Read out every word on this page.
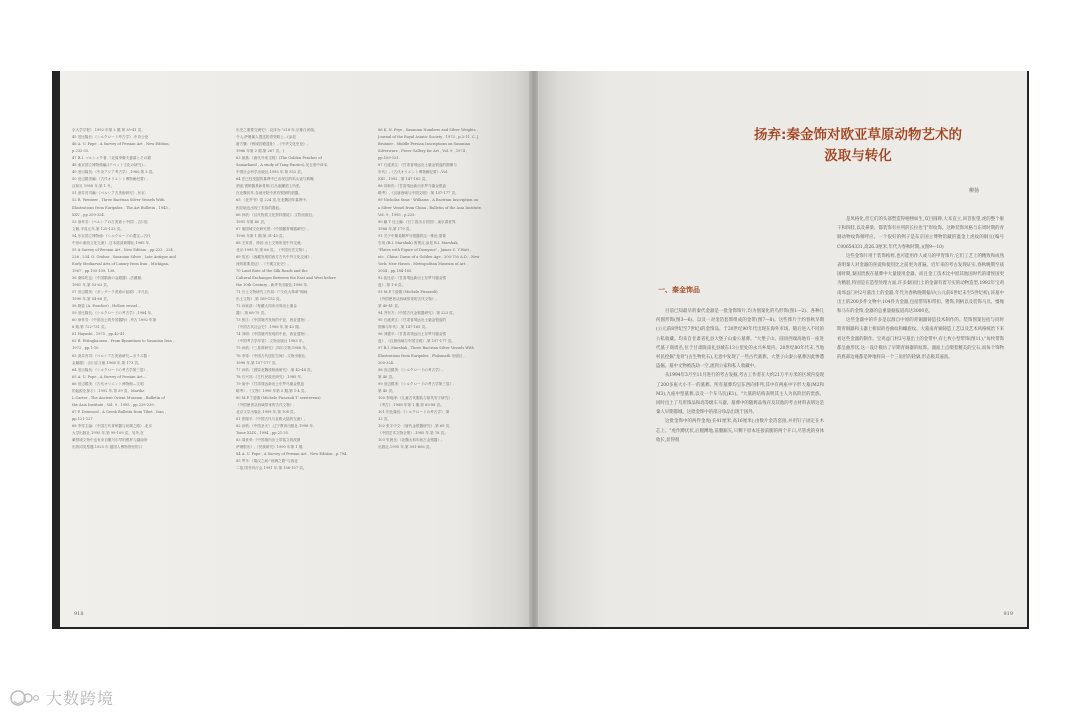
京大学学报》,1992 年第 2 期,第 35-41 页。

45 旧比隆长:《シルクロード考古学》,中央公论

46 A. U. Pope , A Survey of Persian Art , New Edition,

p.232-33.

47 B.I. マルシャク著,《北周李賢夫妻墓とその銀

48 東京国立博物館編,(テペット文化の研究)...

49 旧出隆長:《中央アジア考古学》,1980,第 3 卷。

50 田辺勝美編:《古代オリエント博物館紀要》,

汉和旦 1988 年,第 1 号。

51 深井晋司編:《ペルシア古美術研究》,东京:

52 R. Wenteer , Three Bactrian Silver Vessels With

Illustrations from Euripides , The Art Bulletin , 1943 ,

XXV , pp.209-324.

53 徐苹芳:《ペルシアの古美術と中国》,吉川弘

文館,平成元年,第 125-133 页。

54 东京国立博物館:《シルクロードの遺宝—古代

中世の東西文化交流》,日本経済新聞社,1985 年,

55 A Survey of Persian Art , New Edition , pp.223 , 224 ,

226 , 234. O. Grabar , Sasanian Silver , Late Antique and

Early Mediaeval Arts of Luxury from Iran , Michigan,

1967 , pp.105-109, 138.

56 桑原吃也:《中国隋唐の金銀器》,法藏館,

1981 年,第 53-63 页。

57 田辺勝美:《ガンダーラ美術の起源》,平凡社,

1990 年,第 54-68 页。

58 勒雷 (A. Foucher) , Hollow vessel...

59 旧比隆長:《シルクロードの考古学》,1984 年,

60 徐苹芳:《中国出土的外国器物》,考古 1992 年第

8 期,第 722-731 页。

61 Hayashi , 1975 , pp.40-41.

62 R. Ettinghausen , From Byzantium to Sasanian Iran ,

1972 , pp.1-10.

63 深井晋司:《ペルシア古美術研究—ガラス器・

金属器》,吉川弘文館,1968 年,第 173 页。

64 旧出隆長:《シルクロードの考古学第三卷》,

65 A. U. Pope , A Survey of Persian Art...

66 田辺勝美:《古代オリエント博物館—文明

的起源を探る》,1992 年,第 39 页。Marthe

L.Carter , The Ancient Orient Museum , Bulletin of

the Asia Institute , Vol. 9 , 1995 , pp.229-239.

67 P. Denwood , A Greek Bulletin from Tibet , Iran ,

pp.121-127.

68 李零主编:《中国古代青铜器与丝绸之路》,北京

大学出版社,1995 年,第 99-109 页。另外,在

紫禁城文物中也有来自撒马尔罕的银杯与越南所

出的同类型器,1925 年,德国人博物馆里的口

出史之重要交流史》,汉泽为:"218 年,京都白河瑞。

令人,萨珊属人提送的青瓷路上...(参见

唐方鑒:《两城宫殿遗址》,《中华文化史论》,

1986 年第 2 期,第 267 页。)

63 薛燕:《唐代外来文明》(The Golden Peaches of

Samarkand , A study of Tang Exotics),吴玉贵中译本,

中国社会科学出版社,1995 年,第 552 页。

64 在已经发掘的墓葬中已出现过的鸡头壶与鹤嘴

酒壶,银制器具和骨制,石丛瓯罐酒上所见,

在北魏初年,各地寺院中常有银制的酒器。

65 《北齐书》卷 224 页,在北魏初年墓葬中,

相应地也出现了类似的器皿。

66 孙机:《汉代物质文化资料图说》,文物出版社,

1991 年第 40 页。

67 巢国城文化研究馆:《中国藏青铜器研究》,

1990 年第 1 期,第 31-45 页。

68 王家善、徐菩:出土文物所见中外交流,

北京:1995 年,第 86 页。《中国历史文物》。

69 故宫:《西藏发现的西方古代中外文化交流》,

流的重要见证》,《于阗文化史》。

70 Land Rute of the Silk Roads and the

Cultural Exchanges Between the East and West before

the 10th Century , 新华书出版社,1996 年,

71 日土文物研究工作局:《"文化大革命"期间

出土文物》,第 169-152 页。

72 孙家淳:《粤藏大同市市郊出土鎏金

器》,第 68-75 页。

73 张江:《中国境内发现的中亚、西亚遗物》,

《中国古代社会史》,1986 年,第 43 期。

74 刘明:《中国境内发现的中亚、西亚遗物》,

《中国考古学年鉴》,文物出版社 1985 年。

75 孙机:《三星堆研究》,四川文物,1988 年。

76 李零:《中国古代居住空间》,文物出版社,

1998 年,第 157-177 页。

77 孙机:《固原北魏漆棺画研究》,第 42-44 页。

78 石兴邦:《古代民族史研究》,1985 年,

79 巢寺:《甘肃靖远新出土东罗马鎏金银盘

略考》,《文物》1990 年第 5 期,第 1-4 页。

80 M.P.卞爱娜 (Michele Pirazzoli T' serstevens)

《外国使者从西域带来的古代文物》,

北京文学出版社,1999 年,第 108 页。

81 张瑞平,《中国古代与亚欧大陆的交流》,

82 孙机:《中国圣火》,辽宁教育出版社,1996 年,

Tome XLIX , 1994 , pp.21-35.

83 周世荣:《中国境内出土带铭文的波斯

萨珊银币》,《民族研究》1990 年第 1 期,

84 A. U. Pope , A Survey of Persian Art , New Edition , p.794.

85 罗丰:《胡汉之间:"丝绸之路"与西北

二卷,国书刊行会,1991 年,第 156-157 页。

86 K. N. Frye , Sasanian Numbers and Silver Weights ,

Journal of the Royal Asiatic Society , 1973 , p.2-11. C. J.

Brunner , Middle Persian Inscriptions on Sasanian

Silverware , Freer Gallery for Art , Vol. 9 , 1974 ,

pp.109-121.

87 石渡美江:《甘肃省靖远出土鎏金银盘的图像与

年代》,《古代オリエント博物館紀要》,Vol.

XIII , 1992 , 第 147-165 页。

88 初师宾:《甘肃靖远新出东罗马鎏金银盘

略考》,《汉唐西域与中国文明》,第 157-177 页。

89 Nicholas Sims - Williams , A Bactrian Inscription on

a Silver Vessel from China , Bulletin of the Asia Institute,

Vol. 9 , 1995 , p.225.

90 藤 T 比土編:《日丁語出る回国》,東京書世界,

1988 年,第 179 页。

91 关于中期希腊罗马银器的这一推论,需要

引用 (B.I. Marshak) 的观点,参见 B.I. Marshak,

"Plates with Figure of Dionysus" , James C. Y.Watt ,

etc , China: Dawn of a Golden Age , 200-750 A.D. , New

York: New Haven , Metropolitan Museum of Art ,

2004 , pp.184-185.

92 拓比乐:《甘肃靖远新出土东罗马鎏金银

盘》,第 1-6 页。

93 M.P.卞爱娜 (Michele Pirazzoli)

《外国使者从西域带来的古代文物》,

第 40-41 页。

94 齐东方:《中国古代金银器研究》,第 223 页。

95 石渡美江:《甘肃省靖远出土鎏金银盘的

图像与年代》,第 147-165 页。

96 刘德平:《甘肃省靖远出土东罗马鎏金银

盘》,《汉唐西域与中国文明》,第 157-177 页。

97 B.I. Marshak , Three Bactrian Silver Vessels With

Illustrations from Euripides , Philomath 出版社 ,

200-324.

98 田辺勝美:《シルクロードの考古学》,

第 40 页。

99 田辺勝美:《シルクロードの考古学第三卷》,

第 40 页。

100 李明涛:《儿童古代服装与原代安子研究》,

《考古》,1988 年第 1 期,第 85-88 页。

101 旧比隆長:《シルクロードの考古学》,第

32 页。

102 张宇中文:《唐代金银器研究》,第 69 页,

《中国艺术文物全集》,1985 年,第 78 页。

103 朱晨光:《北魏太和年间古金银器》,

出版社,1995 年,第 591-606 页。

918
扬弃:秦金饰对欧亚草原动物艺术的
汲取与转化
柳扬
一、秦金饰品

目前已知最早的秦代金器是一批金饰饰片,均为图案化的鸟形饰(图1—2)、各种几何图形饰(图3—6)、以及一对金箔套饰组成的金带(图7—8)。这些饰片于约春秋早期(公元前8世纪至7世纪)的金饰品。于20世纪90年代出现在海外市场。随后进入不同的公私收藏。均来自甘肃省礼县大堡子山秦公墓葬。"大堡子山、圆顶西端高地有一座进代墓子商周名,位于甘肃陇南礼县城东13公里处的永兴乡境内。20世纪80年代末,当地村民挖掘"龙骨"(古生物化石),无意中发现了一些古代墓葬。大堡子山秦公墓葬因此惨遭盗掘。墓中文物被洗劫一空,流到公家和私人收藏中。

从1994年3月至11月进行的考古发掘,考古工作者在大约21万平方米的区域内发现了200多座大小不一的墓葬。所有墓葬均呈东西向排列,其中有两座中字形大墓(M2和M3),九座中型墓葬,以及一个车马坑(K1)。"大墓的结构表明其主人为高阶层的贵族。同时出土了鸟形饰品和高等级车马器。墓葬中的随葬品残存及其他的考古材料表明这是秦人早期都城。这批金饰中的部分珍品出现于国外。

这批金饰中的两件金虎(长41厘米,高16厘米),由数片金箔套接,并用钉子固定在木芯上。"虎作蹲伏状,后腿蹲地,前腿踞矢,只剩下原本连接前腿的两个开口,尽管虎的身体收长,显得很

是风格化,但它们的头部塑造得栩栩如生,双目圆睁,大耳直立,回首张望,虎的整个躯干和四肢,以及鼻梁、都装饰有并列的长拉也"["形纹饰。这种装饰风格与东周时期的青铜动物纹饰相呼应。一个很好的例子是东京国立博物馆藏的鎏金上虎纹的铜豆(编号C00654331,高26.3厘米,年代为春秋时期。)(图9—10)

这些金饰片用于装饰棺椁,也可能用作人或马的甲胄饰片,它们工艺上的精致和成熟表明秦人对金器的喜爱和使用比之前更为普遍。近年来的考古发现证实,春秋晚期至战国时期,秦国贵族在墓葬中大量使用金器。而且金工技术比中原其他国时代的诸侯国更为精湛,特别是在造型处理方面,许多秦国出土的金器有着写实的动物造型,1992年宝鸡南郊益门村2号墓出土的金器,年代为春秋晚期偏早(公元前6世纪末至5世纪初),该墓中出土的200多件文物中,104件为金器,包括带钩和带扣、镂饰,剑柄以及装饰马具、缰绳和马车的金饰,金器的总重量据报道高达3000克。

这些金器中的许多是以源自中原的青铜器铸造技术制作的。装饰图案包括与同时期青铜器和玉器上相似的卷曲纹和螺旋纹。大墓南青铜铸造工艺以及艺术风格统治下来看这些金器的制作。宝鸡益门村2号墓出土的金带中,有七枚小型带饰(图11),"每枚带饰都呈曲形状,这一设计模仿了早期青铜器的纹饰。器面上点缀着精美的宝石,而每个饰物的底部边缘都是钟地样向一个三角形的轮廓,形态极其逼真。

919
大数跨境
